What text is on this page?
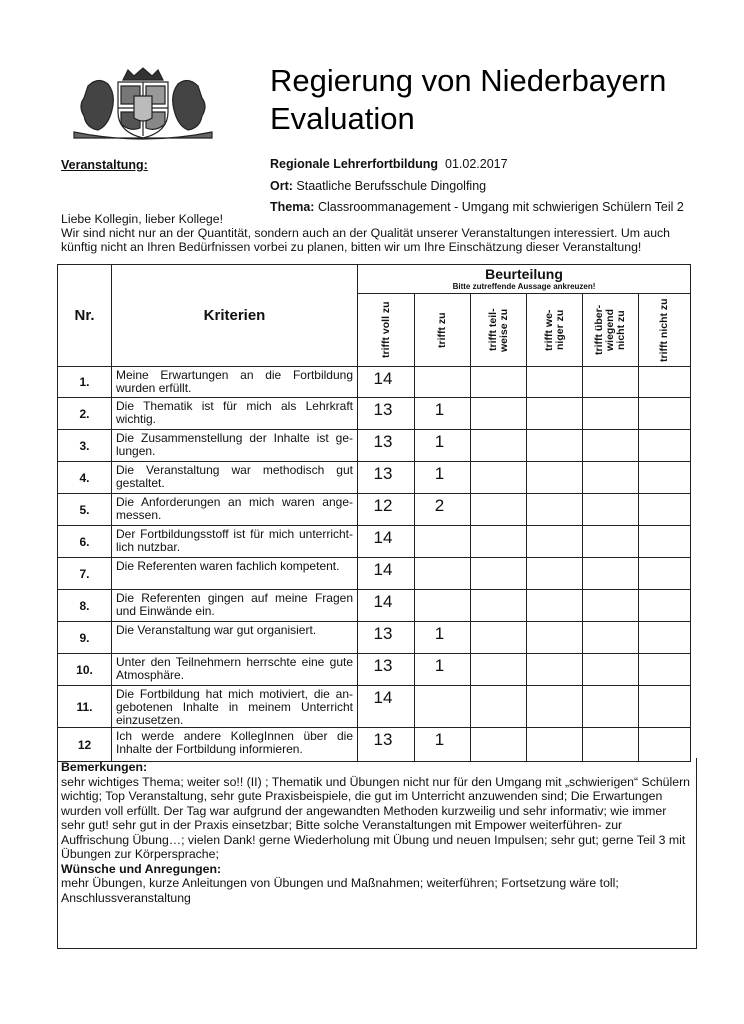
Regierung von Niederbayern
Evaluation
Veranstaltung:	Regionale Lehrerfortbildung 01.02.2017
Ort: Staatliche Berufsschule Dingolfing
Thema: Classroommanagement - Umgang mit schwierigen Schülern Teil 2
Liebe Kollegin, lieber Kollege!
Wir sind nicht nur an der Quantität, sondern auch an der Qualität unserer Veranstaltungen interessiert. Um auch
künftig nicht an Ihren Bedürfnissen vorbei zu planen, bitten wir um Ihre Einschätzung dieser Veranstaltung!
Nr.	Kriterien	Beurteilung
Bitte zutreffende Aussage ankreuzen!					

		trifft voll zu	trifft zu	trifft teil-weise zu	trifft we-niger zu	trifft über-wiegend nicht zu	trifft nicht zu

1.	Meine Erwartungen an die Fortbildung wurden erfüllt.	14					
2.	Die Thematik ist für mich als Lehrkraft wichtig.	13	1				
3.	Die Zusammenstellung der Inhalte ist ge-lungen.	13	1				
4.	Die Veranstaltung war methodisch gut gestaltet.	13	1				
5.	Die Anforderungen an mich waren ange-messen.	12	2				
6.	Der Fortbildungsstoff ist für mich unterricht-lich nutzbar.	14					
7.	Die Referenten waren fachlich kompetent.	14					
8.	Die Referenten gingen auf meine Fragen und Einwände ein.	14					
9.	Die Veranstaltung war gut organisiert.	13	1				
10.	Unter den Teilnehmern herrschte eine gute Atmosphäre.	13	1				
11.	Die Fortbildung hat mich motiviert, die an-gebotenen Inhalte in meinem Unterricht einzusetzen.	14					
12	Ich werde andere KollegInnen über die Inhalte der Fortbildung informieren.	13	1				
Bemerkungen:
sehr wichtiges Thema; weiter so!! (II) ; Thematik und Übungen nicht nur für den Umgang mit „schwierigen“ Schülern wichtig; Top Veranstaltung, sehr gute Praxisbeispiele, die gut im Unterricht anzuwenden sind; Die Erwartungen wurden voll erfüllt. Der Tag war aufgrund der angewandten Methoden kurzweilig und sehr informativ; wie immer sehr gut! sehr gut in der Praxis einsetzbar; Bitte solche Veranstaltungen mit Empower weiterführen- zur Auffrischung Übung…; vielen Dank! gerne Wiederholung mit Übung und neuen Impulsen; sehr gut; gerne Teil 3 mit Übungen zur Körpersprache;
Wünsche und Anregungen:
mehr Übungen, kurze Anleitungen von Übungen und Maßnahmen; weiterführen; Fortsetzung wäre toll; Anschlussveranstaltung
